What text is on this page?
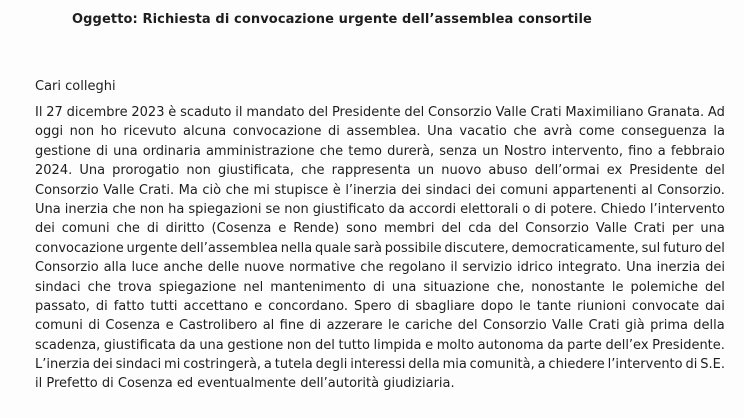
Oggetto: Richiesta di convocazione urgente dell’assemblea consortile
Cari colleghi
Il 27 dicembre 2023 è scaduto il mandato del Presidente del Consorzio Valle Crati Maximiliano Granata. Ad
oggi non ho ricevuto alcuna convocazione di assemblea. Una vacatio che avrà come conseguenza la
gestione di una ordinaria amministrazione che temo durerà, senza un Nostro intervento, fino a febbraio
2024. Una prorogatio non giustificata, che rappresenta un nuovo abuso dell’ormai ex Presidente del
Consorzio Valle Crati. Ma ciò che mi stupisce è l’inerzia dei sindaci dei comuni appartenenti al Consorzio.
Una inerzia che non ha spiegazioni se non giustificato da accordi elettorali o di potere. Chiedo l’intervento
dei comuni che di diritto (Cosenza e Rende) sono membri del cda del Consorzio Valle Crati per una
convocazione urgente dell’assemblea nella quale sarà possibile discutere, democraticamente, sul futuro del
Consorzio alla luce anche delle nuove normative che regolano il servizio idrico integrato. Una inerzia dei
sindaci che trova spiegazione nel mantenimento di una situazione che, nonostante le polemiche del
passato, di fatto tutti accettano e concordano. Spero di sbagliare dopo le tante riunioni convocate dai
comuni di Cosenza e Castrolibero al fine di azzerare le cariche del Consorzio Valle Crati già prima della
scadenza, giustificata da una gestione non del tutto limpida e molto autonoma da parte dell’ex Presidente.
L’inerzia dei sindaci mi costringerà, a tutela degli interessi della mia comunità, a chiedere l’intervento di S.E.
il Prefetto di Cosenza ed eventualmente dell’autorità giudiziaria.
